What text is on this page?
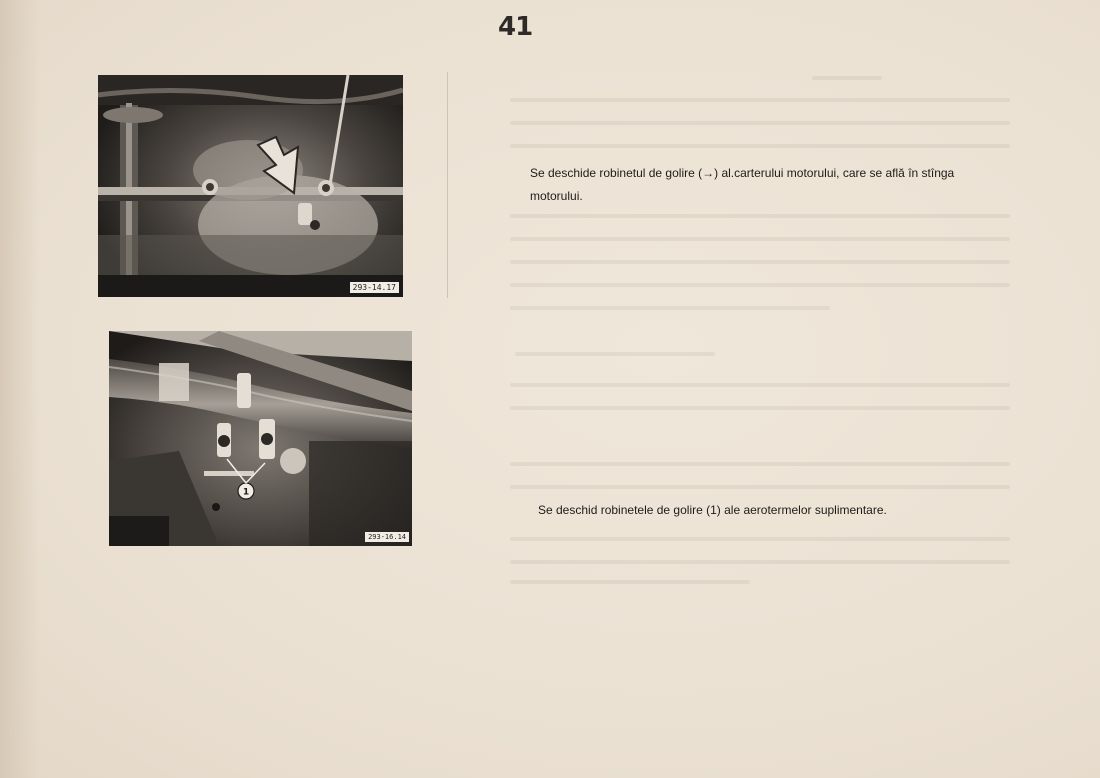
41
293-14.17

Se deschide robinetul de golire (→) al.carterului motorului, care se află în stînga motorului.

1
293-16.14

Se deschid robinetele de golire (1) ale aerotermelor suplimentare.
